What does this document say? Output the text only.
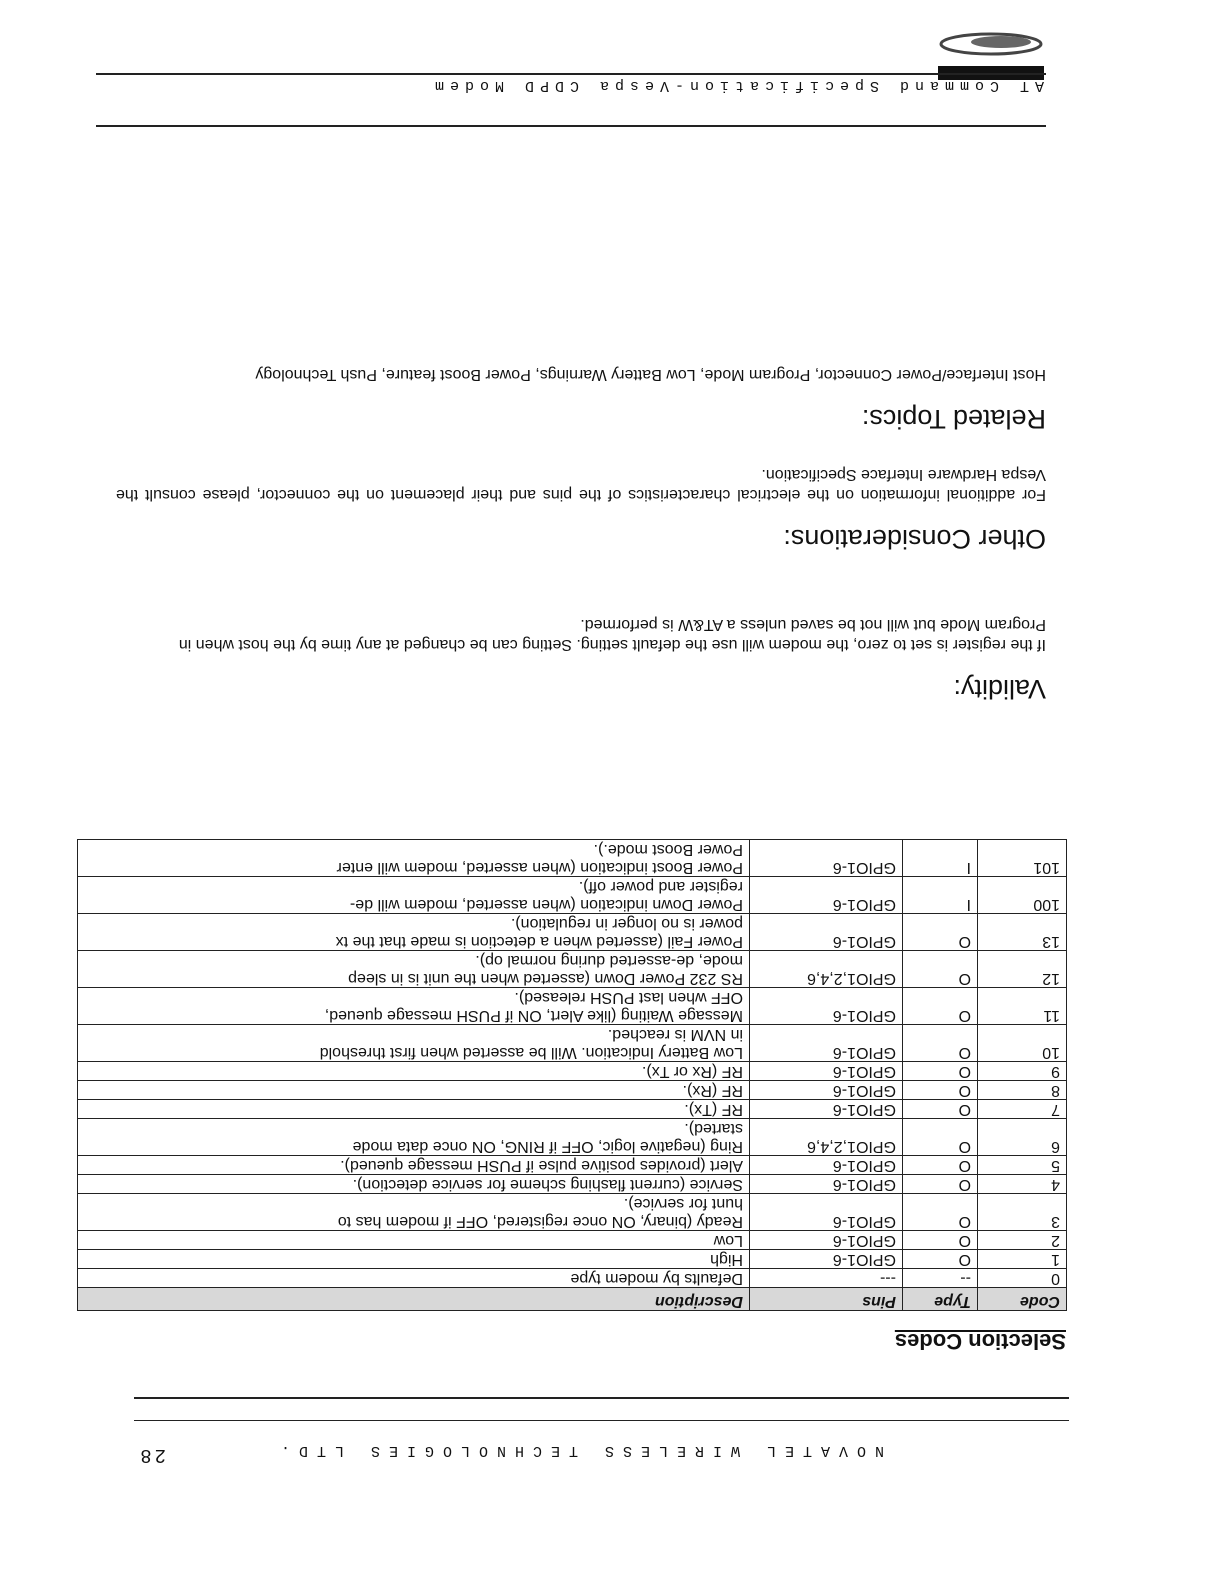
AT Command Specification-Vespa CDPD Modem
Selection Codes
Code	Type	Pins	Description
0	--	---	Defaults by modem type

1	O	GPIO1-6	High

2	O	GPIO1-6	Low

3	O	GPIO1-6	Ready (binary, ON once registered, OFF if modem has to
hunt for service).

4	O	GPIO1-6	Service (current flashing scheme for service detection).

5	O	GPIO1-6	Alert (provides positive pulse if PUSH message queued).

6	O	GPIO1,2,4,6	Ring (negative logic, OFF if RING, ON once data mode
started).

7	O	GPIO1-6	RF (Tx).

8	O	GPIO1-6	RF (Rx).

9	O	GPIO1-6	RF (Rx or Tx).

10	O	GPIO1-6	Low Battery Indication. Will be asserted when first threshold
in NVM is reached.

11	O	GPIO1-6	Message Waiting (like Alert, ON if PUSH message queued,
OFF when last PUSH released).

12	O	GPIO1,2,4,6	RS 232 Power Down (asserted when the unit is in sleep
mode, de-asserted during normal op).

13	O	GPIO1-6	Power Fail (asserted when a detection is made that the tx
power is no longer in regulation).

100	I	GPIO1-6	Power Down indication (when asserted, modem will de-
register and power off).

101	I	GPIO1-6	Power Boost indication (when asserted, modem will enter
Power Boost mode.).
Validity:
If the register is set to zero, the modem will use the default setting. Setting can be changed at any time by the host when in Program Mode but will not be saved unless a AT&W is performed.
Other Considerations:
For additional information on the electrical characteristics of the pins and their placement on the connector, please consult the Vespa Hardware Interface Specification.
Related Topics:
Host Interface/Power Connector, Program Mode, Low Battery Warnings, Power Boost feature, Push Technology
NOVATEL WIRELESS TECHNOLOGIES LTD.
28
